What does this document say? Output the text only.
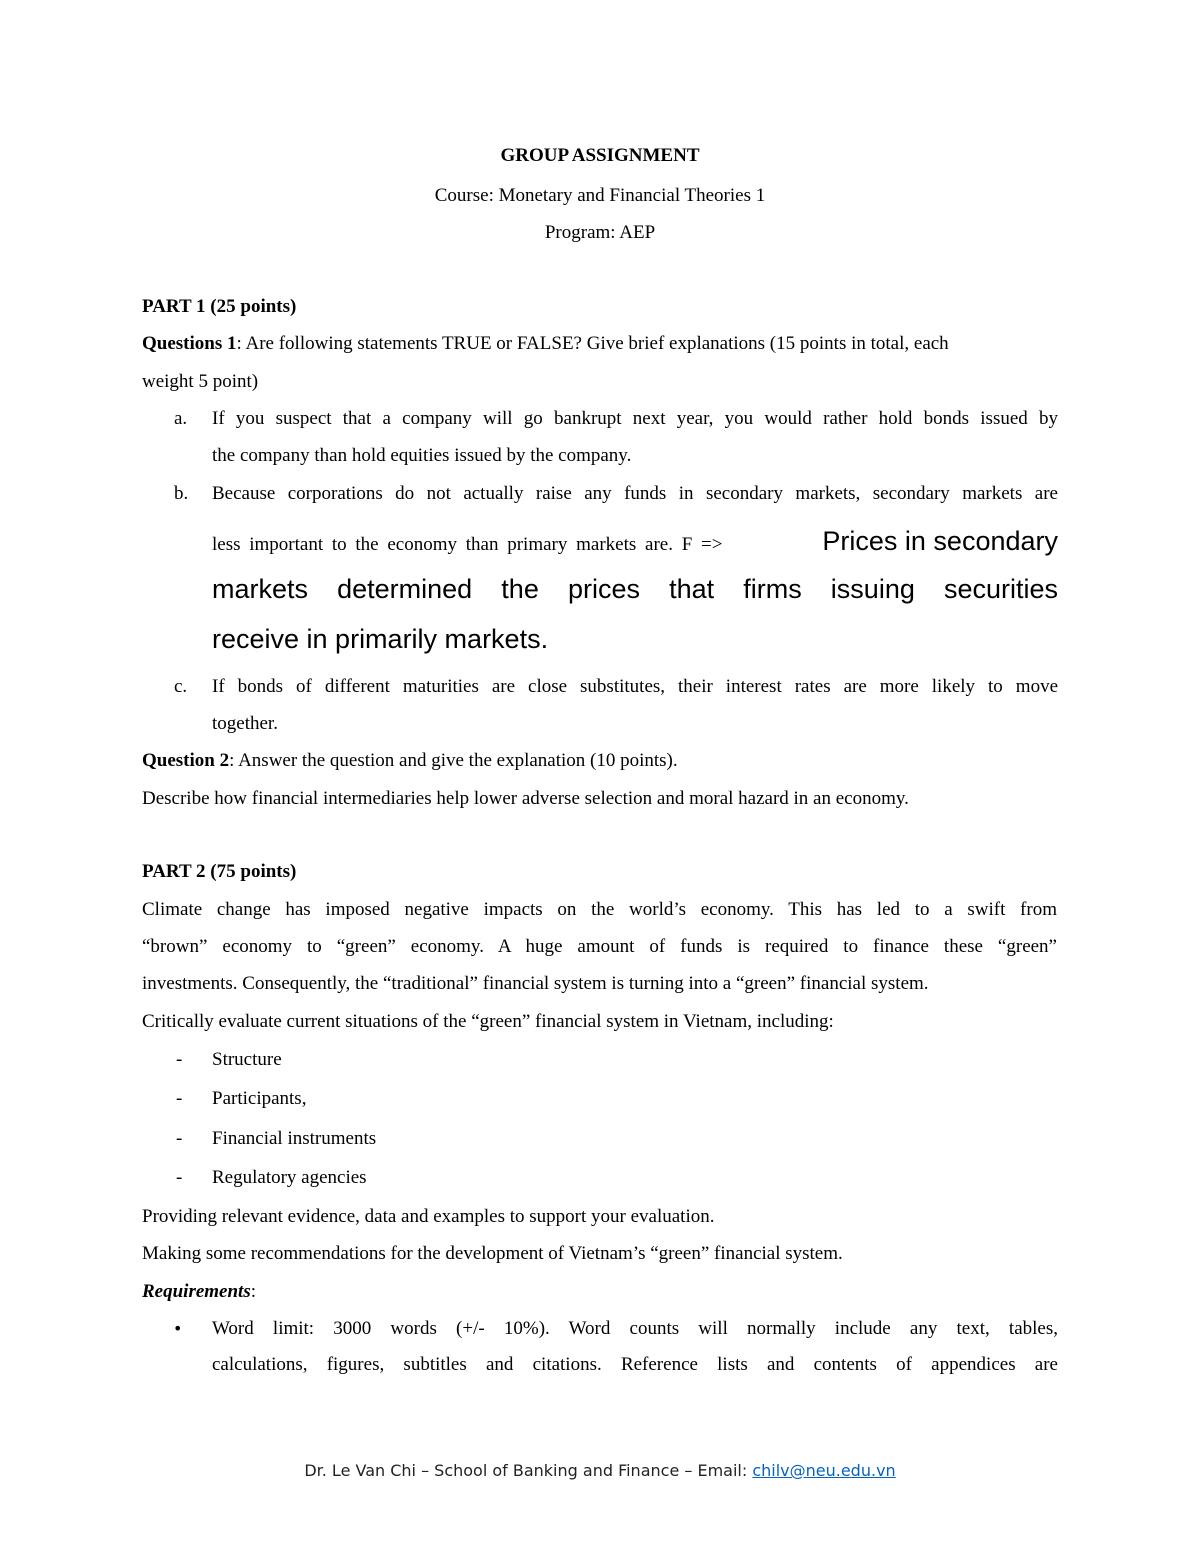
GROUP ASSIGNMENT
Course: Monetary and Financial Theories 1
Program: AEP
PART 1 (25 points)
Questions 1: Are following statements TRUE or FALSE? Give brief explanations (15 points in total, each
weight 5 point)
a. If you suspect that a company will go bankrupt next year, you would rather hold bonds issued by
the company than hold equities issued by the company.
b. Because corporations do not actually raise any funds in secondary markets, secondary markets are
less important to the economy than primary markets are. F =>	Prices in secondary
markets determined the prices that firms issuing securities
receive in primarily markets.
c. If bonds of different maturities are close substitutes, their interest rates are more likely to move
together.
Question 2: Answer the question and give the explanation (10 points).
Describe how financial intermediaries help lower adverse selection and moral hazard in an economy.
PART 2 (75 points)
Climate change has imposed negative impacts on the world’s economy. This has led to a swift from
“brown” economy to “green” economy. A huge amount of funds is required to finance these “green”
investments. Consequently, the “traditional” financial system is turning into a “green” financial system.
Critically evaluate current situations of the “green” financial system in Vietnam, including:
- Structure
- Participants,
- Financial instruments
- Regulatory agencies
Providing relevant evidence, data and examples to support your evaluation.
Making some recommendations for the development of Vietnam’s “green” financial system.
Requirements:
• Word limit: 3000 words (+/- 10%). Word counts will normally include any text, tables,
calculations, figures, subtitles and citations. Reference lists and contents of appendices are
Dr. Le Van Chi – School of Banking and Finance – Email: chilv@neu.edu.vn
